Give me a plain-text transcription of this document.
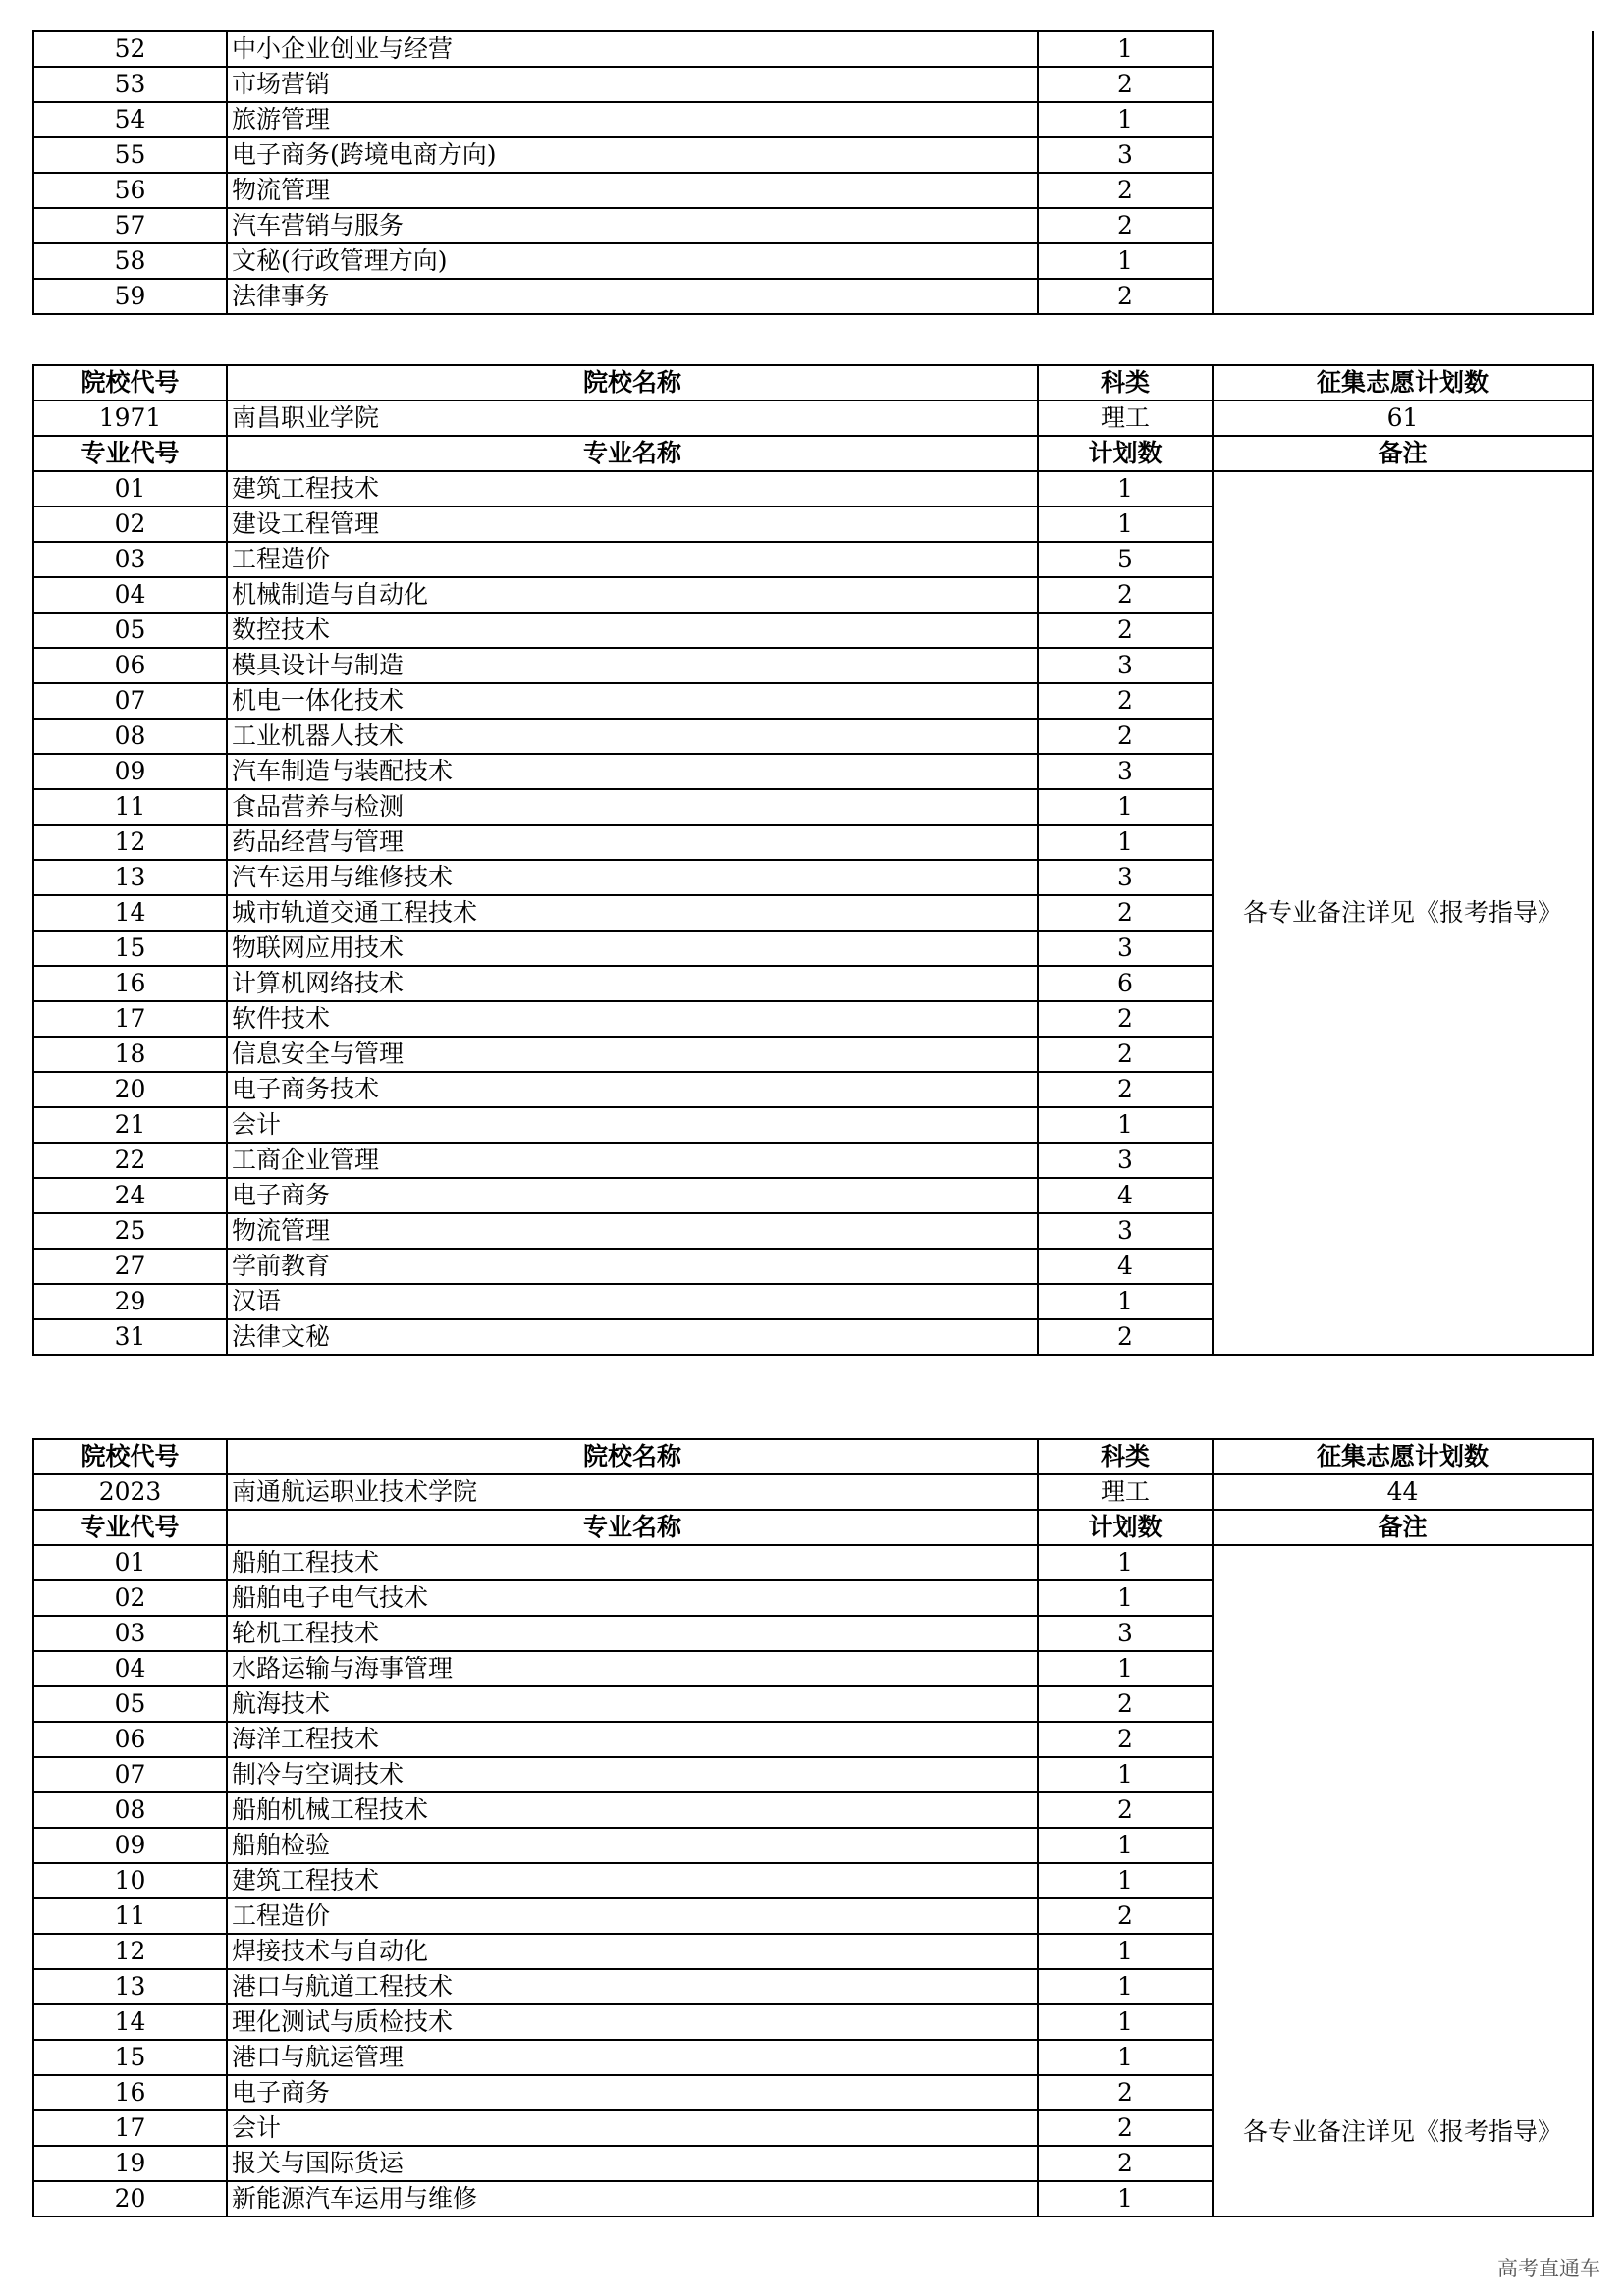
52	中小企业创业与经营	1	
53	市场营销	2	
54	旅游管理	1	
55	电子商务(跨境电商方向)	3	
56	物流管理	2	
57	汽车营销与服务	2	
58	文秘(行政管理方向)	1	
59	法律事务	2	
院校代号	院校名称	科类	征集志愿计划数
1971	南昌职业学院	理工	61
专业代号	专业名称	计划数	备注
01	建筑工程技术	1	各专业备注详见《报考指导》
02	建设工程管理	1	
03	工程造价	5	
04	机械制造与自动化	2	
05	数控技术	2	
06	模具设计与制造	3	
07	机电一体化技术	2	
08	工业机器人技术	2	
09	汽车制造与装配技术	3	
11	食品营养与检测	1	
12	药品经营与管理	1	
13	汽车运用与维修技术	3	
14	城市轨道交通工程技术	2	
15	物联网应用技术	3	
16	计算机网络技术	6	
17	软件技术	2	
18	信息安全与管理	2	
20	电子商务技术	2	
21	会计	1	
22	工商企业管理	3	
24	电子商务	4	
25	物流管理	3	
27	学前教育	4	
29	汉语	1	
31	法律文秘	2	
院校代号	院校名称	科类	征集志愿计划数
2023	南通航运职业技术学院	理工	44
专业代号	专业名称	计划数	备注
01	船舶工程技术	1	各专业备注详见《报考指导》
02	船舶电子电气技术	1	
03	轮机工程技术	3	
04	水路运输与海事管理	1	
05	航海技术	2	
06	海洋工程技术	2	
07	制冷与空调技术	1	
08	船舶机械工程技术	2	
09	船舶检验	1	
10	建筑工程技术	1	
11	工程造价	2	
12	焊接技术与自动化	1	
13	港口与航道工程技术	1	
14	理化测试与质检技术	1	
15	港口与航运管理	1	
16	电子商务	2	
17	会计	2	
19	报关与国际货运	2	
20	新能源汽车运用与维修	1	
高考直通车
